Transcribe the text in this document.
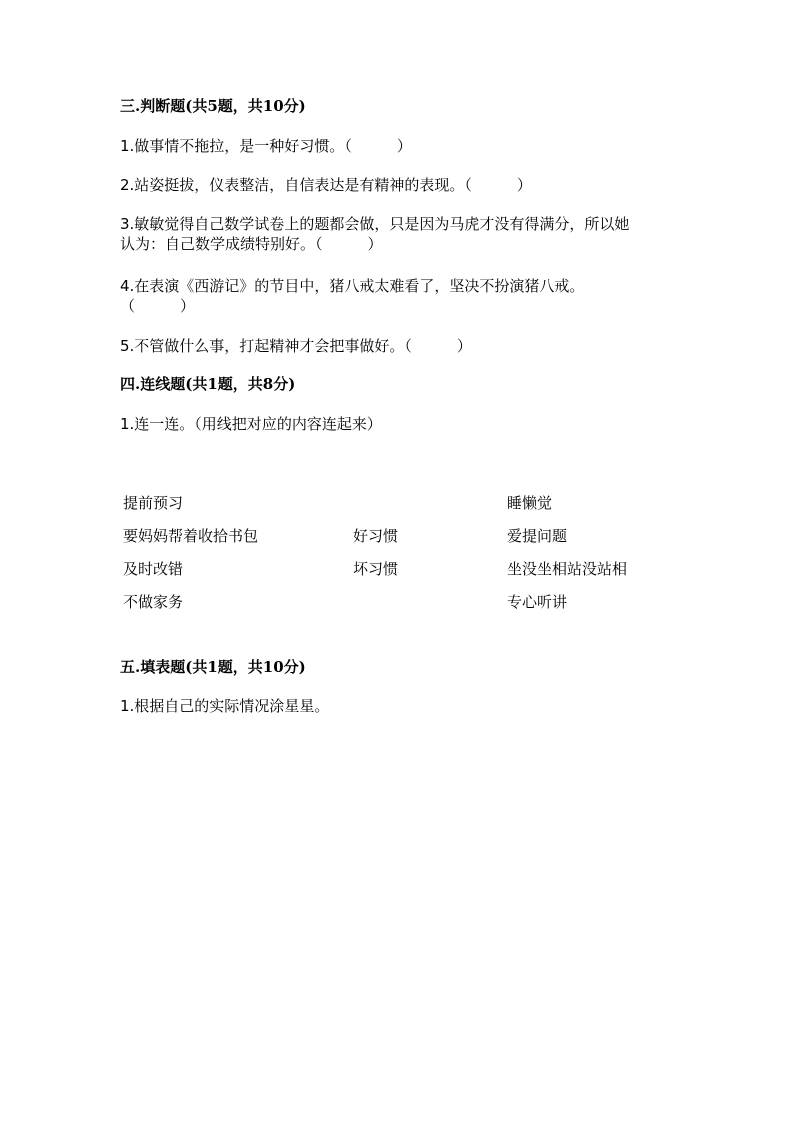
三.判断题(共5题，共10分)
1.做事情不拖拉，是一种好习惯。（　　　）
2.站姿挺拔，仪表整洁，自信表达是有精神的表现。（　　　）
3.敏敏觉得自己数学试卷上的题都会做，只是因为马虎才没有得满分，所以她
认为：自己数学成绩特别好。（　　　）
4.在表演《西游记》的节目中，猪八戒太难看了，坚决不扮演猪八戒。
（　　　）
5.不管做什么事，打起精神才会把事做好。（　　　）
四.连线题(共1题，共8分)
1.连一连。（用线把对应的内容连起来）
提前预习
要妈妈帮着收拾书包
及时改错
不做家务
好习惯
坏习惯
睡懒觉
爱提问题
坐没坐相站没站相
专心听讲
五.填表题(共1题，共10分)
1.根据自己的实际情况涂星星。
